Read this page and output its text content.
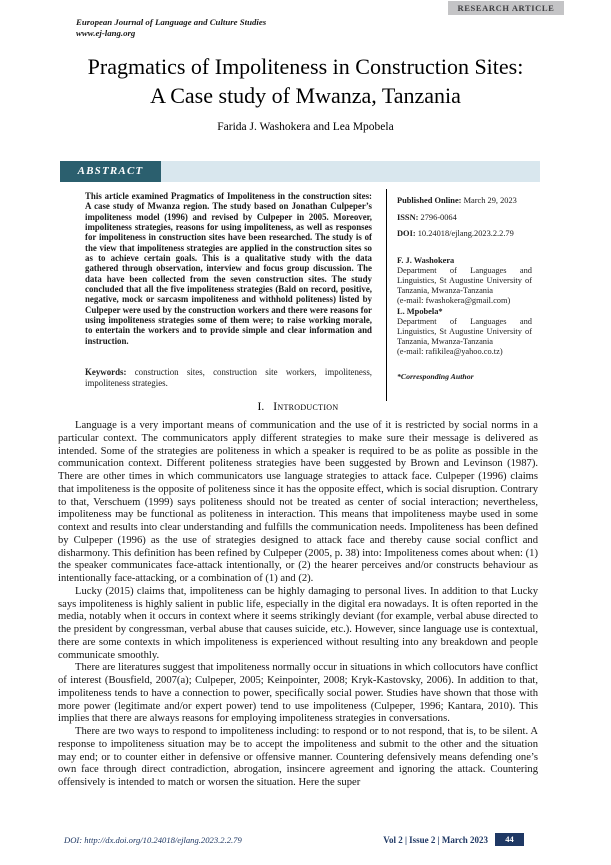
RESEARCH ARTICLE
European Journal of Language and Culture Studies
www.ej-lang.org
Pragmatics of Impoliteness in Construction Sites:
A Case study of Mwanza, Tanzania
Farida J. Washokera and Lea Mpobela
ABSTRACT
This article examined Pragmatics of Impoliteness in the construction sites: A case study of Mwanza region. The study based on Jonathan Culpeper’s impoliteness model (1996) and revised by Culpeper in 2005. Moreover, impoliteness strategies, reasons for using impoliteness, as well as responses for impoliteness in construction sites have been researched. The study is of the view that impoliteness strategies are applied in the construction sites so as to achieve certain goals. This is a qualitative study with the data gathered through observation, interview and focus group discussion. The data have been collected from the seven construction sites. The study concluded that all the five impoliteness strategies (Bald on record, positive, negative, mock or sarcasm impoliteness and withhold politeness) listed by Culpeper were used by the construction workers and there were reasons for using impoliteness strategies some of them were; to raise working morale, to entertain the workers and to provide simple and clear information and instruction.
Keywords: construction sites, construction site workers, impoliteness, impoliteness strategies.
Published Online: March 29, 2023
ISSN: 2796-0064
DOI: 10.24018/ejlang.2023.2.2.79
F. J. Washokera
Department of Languages and Linguistics, St Augustine University of Tanzania, Mwanza-Tanzania
(e-mail: fwashokera@gmail.com)
L. Mpobela*
Department of Languages and Linguistics, St Augustine University of Tanzania, Mwanza-Tanzania
(e-mail: rafikilea@yahoo.co.tz)
*Corresponding Author
I. Introduction

Language is a very important means of communication and the use of it is restricted by social norms in a particular context. The communicators apply different strategies to make sure their message is delivered as intended. Some of the strategies are politeness in which a speaker is required to be as polite as possible in the communication context. Different politeness strategies have been suggested by Brown and Levinson (1987). There are other times in which communicators use language strategies to attack face. Culpeper (1996) claims that impoliteness is the opposite of politeness since it has the opposite effect, which is social disruption. Contrary to that, Verschuem (1999) says politeness should not be treated as center of social interaction; nevertheless, impoliteness may be functional as politeness in interaction. This means that impoliteness maybe used in some context and results into clear understanding and fulfills the communication needs. Impoliteness has been defined by Culpeper (1996) as the use of strategies designed to attack face and thereby cause social conflict and disharmony. This definition has been refined by Culpeper (2005, p. 38) into: Impoliteness comes about when: (1) the speaker communicates face-attack intentionally, or (2) the hearer perceives and/or constructs behaviour as intentionally face-attacking, or a combination of (1) and (2).

Lucky (2015) claims that, impoliteness can be highly damaging to personal lives. In addition to that Lucky says impoliteness is highly salient in public life, especially in the digital era nowadays. It is often reported in the media, notably when it occurs in context where it seems strikingly deviant (for example, verbal abuse directed to the president by congressman, verbal abuse that causes suicide, etc.). However, since language use is contextual, there are some contexts in which impoliteness is experienced without resulting into any breakdown and people communicate smoothly.

There are literatures suggest that impoliteness normally occur in situations in which collocutors have conflict of interest (Bousfield, 2007(a); Culpeper, 2005; Keinpointer, 2008; Kryk-Kastovsky, 2006). In addition to that, impoliteness tends to have a connection to power, specifically social power. Studies have shown that those with more power (legitimate and/or expert power) tend to use impoliteness (Culpeper, 1996; Kantara, 2010). This implies that there are always reasons for employing impoliteness strategies in conversations.

There are two ways to respond to impoliteness including: to respond or to not respond, that is, to be silent. A response to impoliteness situation may be to accept the impoliteness and submit to the other and the situation may end; or to counter either in defensive or offensive manner. Countering defensively means defending one’s own face through direct contradiction, abrogation, insincere agreement and ignoring the attack. Countering offensively is intended to match or worsen the situation. Here the super

DOI: http://dx.doi.org/10.24018/ejlang.2023.2.2.79	Vol 2 | Issue 2 | March 2023	44
